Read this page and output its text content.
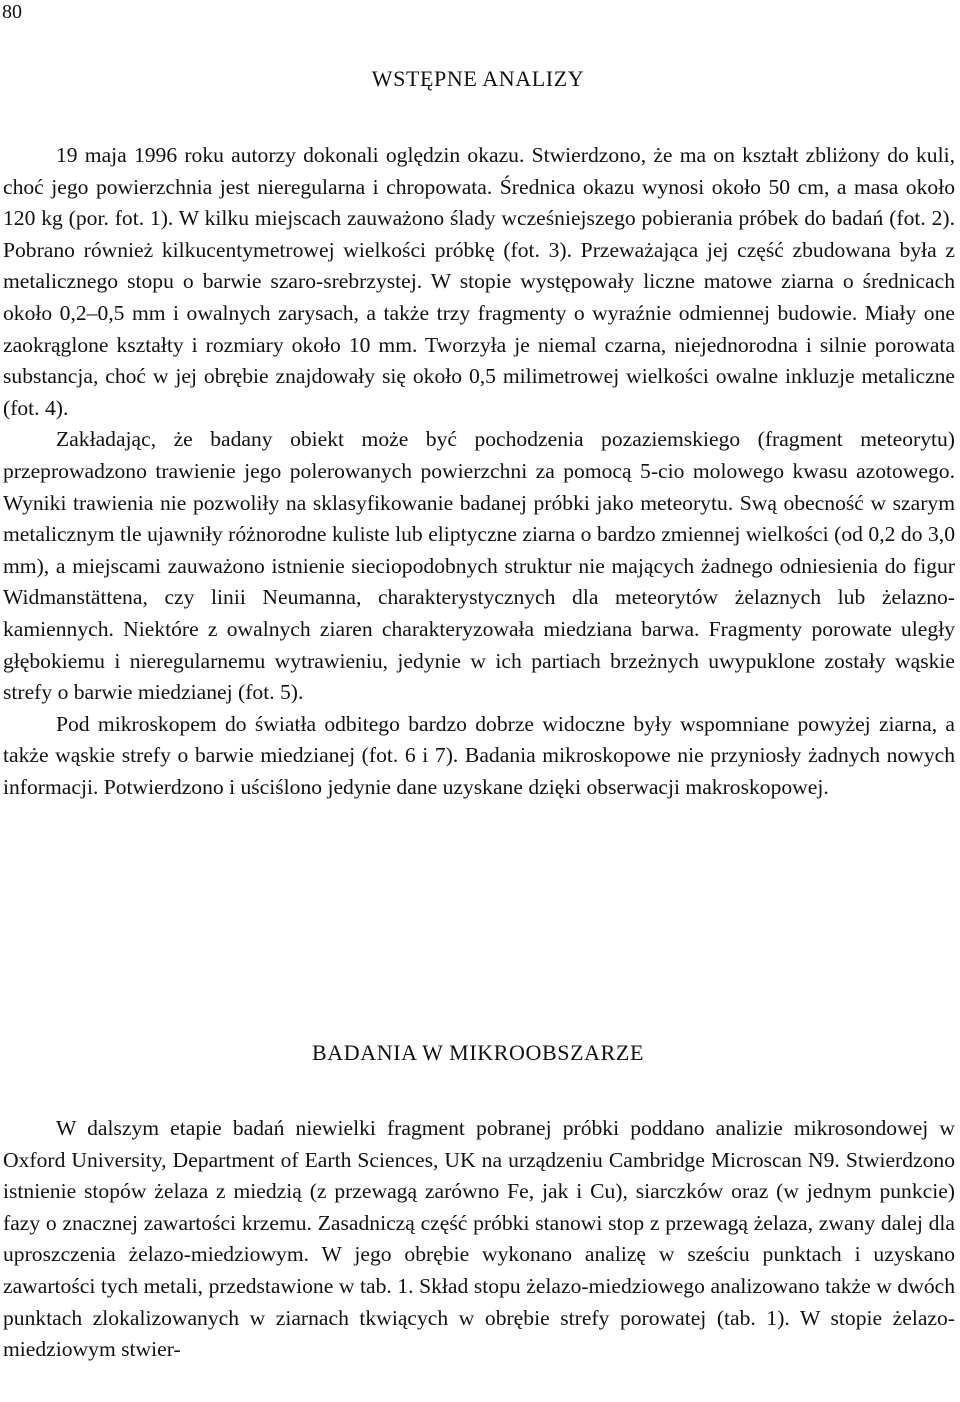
80
WSTĘPNE ANALIZY

19 maja 1996 roku autorzy dokonali oględzin okazu. Stwierdzono, że ma on kształt zbliżony do kuli, choć jego powierzchnia jest nieregularna i chropowata. Średnica okazu wynosi około 50 cm, a masa około 120 kg (por. fot. 1). W kilku miejscach zauważono ślady wcześniejszego pobierania próbek do badań (fot. 2). Pobrano również kilkucentymetrowej wielkości próbkę (fot. 3). Przeważająca jej część zbudowana była z metalicznego stopu o barwie szaro-srebrzystej. W stopie występowały liczne matowe ziarna o średnicach około 0,2–0,5 mm i owalnych zarysach, a także trzy fragmenty o wyraźnie odmiennej budowie. Miały one zaokrąglone kształty i rozmiary około 10 mm. Tworzyła je niemal czarna, niejednorodna i silnie porowata substancja, choć w jej obrębie znajdowały się około 0,5 milimetrowej wielkości owalne inkluzje metaliczne (fot. 4).

Zakładając, że badany obiekt może być pochodzenia pozaziemskiego (fragment meteorytu) przeprowadzono trawienie jego polerowanych powierzchni za pomocą 5-cio molowego kwasu azotowego. Wyniki trawienia nie pozwoliły na sklasyfikowanie badanej próbki jako meteorytu. Swą obecność w szarym metalicznym tle ujawniły różnorodne kuliste lub eliptyczne ziarna o bardzo zmiennej wielkości (od 0,2 do 3,0 mm), a miejscami zauważono istnienie sieciopodobnych struktur nie mających żadnego odniesienia do figur Widmanstättena, czy linii Neumanna, charakterystycznych dla meteorytów żelaznych lub żelazno-kamiennych. Niektóre z owalnych ziaren charakteryzowała miedziana barwa. Fragmenty porowate uległy głębokiemu i nieregularnemu wytrawieniu, jedynie w ich partiach brzeżnych uwypuklone zostały wąskie strefy o barwie miedzianej (fot. 5).

Pod mikroskopem do światła odbitego bardzo dobrze widoczne były wspomniane powyżej ziarna, a także wąskie strefy o barwie miedzianej (fot. 6 i 7). Badania mikroskopowe nie przyniosły żadnych nowych informacji. Potwierdzono i uściślono jedynie dane uzyskane dzięki obserwacji makroskopowej.

BADANIA W MIKROOBSZARZE

W dalszym etapie badań niewielki fragment pobranej próbki poddano analizie mikrosondowej w Oxford University, Department of Earth Sciences, UK na urządzeniu Cambridge Microscan N9. Stwierdzono istnienie stopów żelaza z miedzią (z przewagą zarówno Fe, jak i Cu), siarczków oraz (w jednym punkcie) fazy o znacznej zawartości krzemu. Zasadniczą część próbki stanowi stop z przewagą żelaza, zwany dalej dla uproszczenia żelazo-miedziowym. W jego obrębie wykonano analizę w sześciu punktach i uzyskano zawartości tych metali, przedstawione w tab. 1. Skład stopu żelazo-miedziowego analizowano także w dwóch punktach zlokalizowanych w ziarnach tkwiących w obrębie strefy porowatej (tab. 1). W stopie żelazo-miedziowym stwier-
